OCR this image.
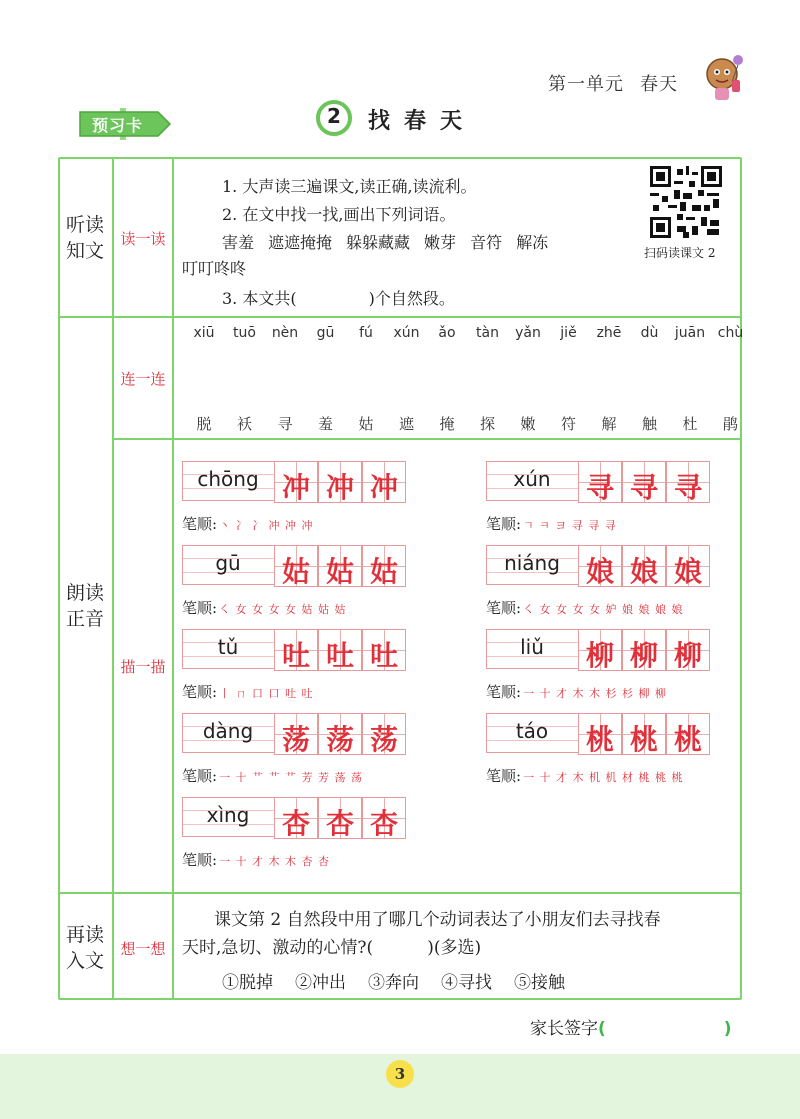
第一单元 春天
预习卡	2	找春天
听读
知文
读一读
1. 大声读三遍课文,读正确,读流利。
2. 在文中找一找,画出下列词语。
害羞 遮遮掩掩 躲躲藏藏 嫩芽 音符 解冻
叮叮咚咚
3. 本文共(	)个自然段。
扫码读课文 2
连一连
xiū	tuō	nèn	gū	fú	xún	ǎo	tàn	yǎn	jiě	zhē	dù	juān chù
脱	袄	寻	羞	姑	遮	掩	探	嫩	符	解	触	杜	鹃
朗读
正音
描一描
chōng 冲 冲 冲
笔顺: 丶 冫 冫 冲 冲 冲
xún	寻 寻 寻
笔顺: ㄱ ㅋ ヨ 寻 寻 寻
gū	姑 姑 姑
笔顺: ㇛ 女 女 女 女 姑 姑 姑
niáng 娘 娘 娘
笔顺: ㇛ 女 女 女 女 妒 娘 娘 娘 娘
tǔ	吐 吐 吐
笔顺: 丨 ㄇ 口 口 吐 吐
liǔ	柳 柳 柳
笔顺: 一 十 才 木 木 杉 杉 柳 柳
dàng	荡 荡 荡
笔顺: 一 十 艹 艹 艹 芳 芳 荡 荡
táo	桃 桃 桃
笔顺: 一 十 才 木 机 机 材 桃 桃 桃
xìng	杏 杏 杏
笔顺: 一 十 才 木 木 杏 杏
再读
入文
想一想
课文第 2 自然段中用了哪几个动词表达了小朋友们去寻找春
天时,急切、激动的心情?(          )(多选)
①脱掉 ②冲出 ③奔向 ④寻找 ⑤接触
家长签字(	)
3
